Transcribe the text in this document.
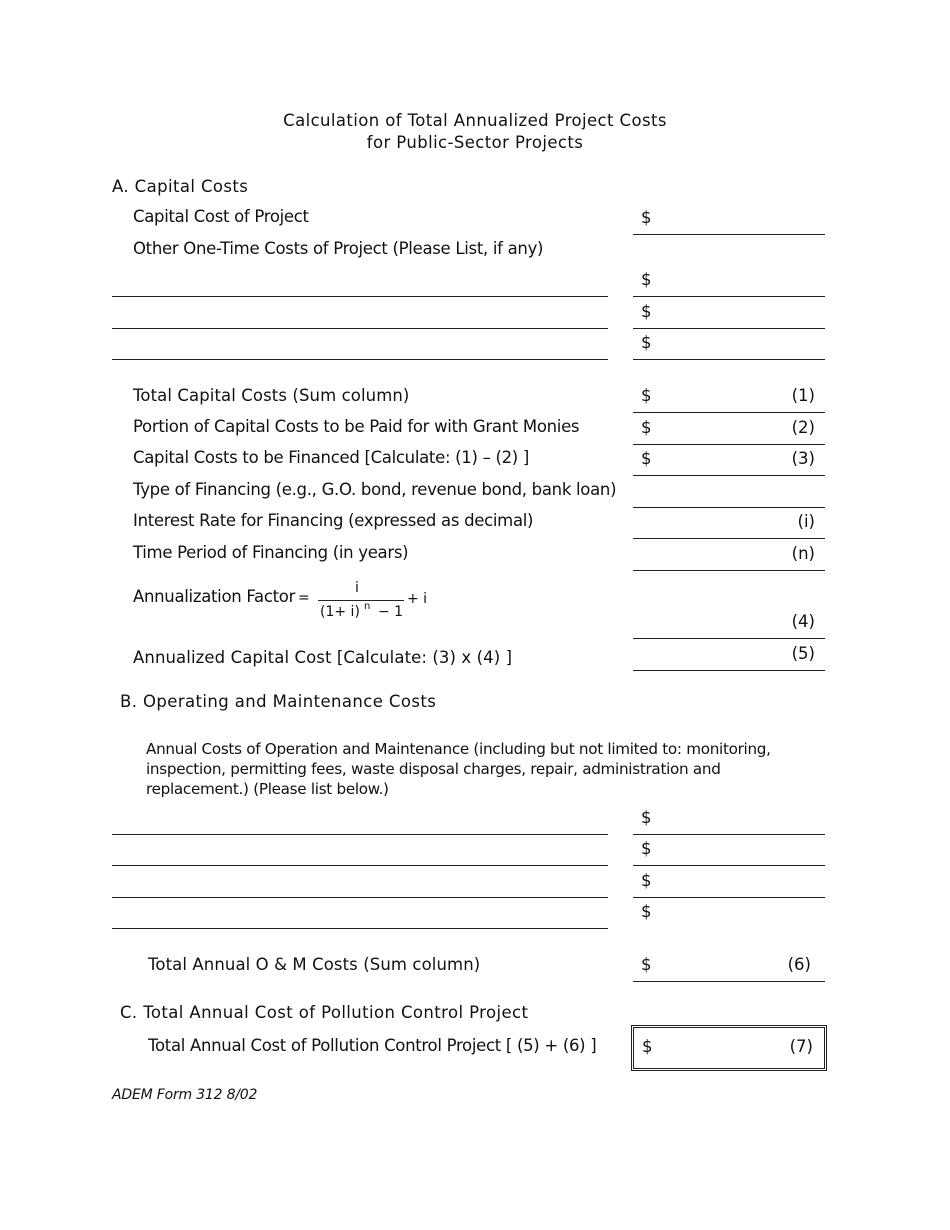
Calculation of Total Annualized Project Costs
for Public-Sector Projects
A. Capital Costs
Capital Cost of Project	$
Other One-Time Costs of Project (Please List, if any)
$
$
$
Total Capital Costs (Sum column)	$	(1)
Portion of Capital Costs to be Paid for with Grant Monies	$	(2)
Capital Costs to be Financed [Calculate: (1) – (2) ]	$	(3)
Type of Financing (e.g., G.O. bond, revenue bond, bank loan)
Interest Rate for Financing (expressed as decimal)	(i)
Time Period of Financing (in years)	(n)
Annualization Factor =
i
(1+ i) n − 1
+ i
(4)
Annualized Capital Cost [Calculate: (3) x (4) ]	(5)
B. Operating and Maintenance Costs
Annual Costs of Operation and Maintenance (including but not limited to: monitoring, inspection, permitting fees, waste disposal charges, repair, administration and replacement.) (Please list below.)
$
$
$
$
Total Annual O & M Costs (Sum column)	$	(6)
C. Total Annual Cost of Pollution Control Project
Total Annual Cost of Pollution Control Project [ (5) + (6) ]	$	(7)
ADEM Form 312 8/02
